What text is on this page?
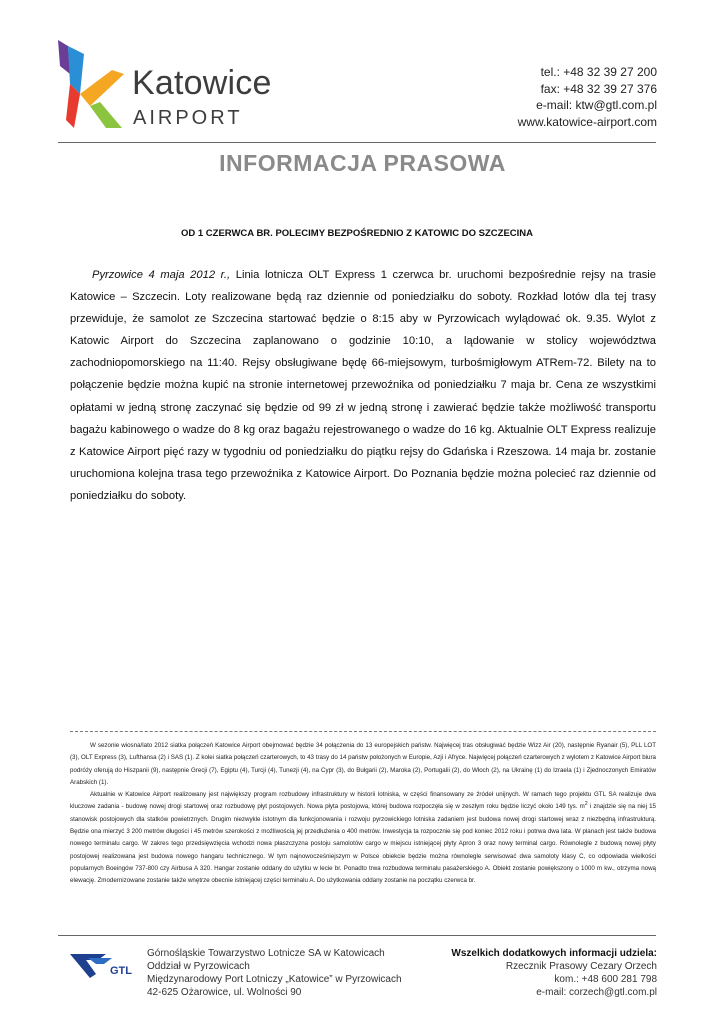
Katowice
AIRPORT
tel.: +48 32 39 27 200
fax: +48 32 39 27 376
e-mail: ktw@gtl.com.pl
www.katowice-airport.com
INFORMACJA PRASOWA
OD 1 CZERWCA BR. POLECIMY BEZPOŚREDNIO Z KATOWIC DO SZCZECINA

Pyrzowice 4 maja 2012 r., Linia lotnicza OLT Express 1 czerwca br. uruchomi bezpośrednie rejsy na trasie Katowice – Szczecin. Loty realizowane będą raz dziennie od poniedziałku do soboty. Rozkład lotów dla tej trasy przewiduje, że samolot ze Szczecina startować będzie o 8:15 aby w Pyrzowicach wylądować ok. 9.35. Wylot z Katowic Airport do Szczecina zaplanowano o godzinie 10:10, a lądowanie w stolicy województwa zachodniopomorskiego na 11:40. Rejsy obsługiwane będę 66-miejsowym, turbośmigłowym ATRem-72. Bilety na to połączenie będzie można kupić na stronie internetowej przewoźnika od poniedziałku 7 maja br. Cena ze wszystkimi opłatami w jedną stronę zaczynać się będzie od 99 zł w jedną stronę i zawierać będzie także możliwość transportu bagażu kabinowego o wadze do 8 kg oraz bagażu rejestrowanego o wadze do 16 kg. Aktualnie OLT Express realizuje z Katowice Airport pięć razy w tygodniu od poniedziałku do piątku rejsy do Gdańska i Rzeszowa. 14 maja br. zostanie uruchomiona kolejna trasa tego przewoźnika z Katowice Airport. Do Poznania będzie można polecieć raz dziennie od poniedziałku do soboty.

W sezonie wiosna/lato 2012 siatka połączeń Katowice Airport obejmować będzie 34 połączenia do 13 europejskich państw. Najwięcej tras obsługiwać będzie Wizz Air (20), następnie Ryanair (5), PLL LOT (3), OLT Express (3), Lufthansa (2) i SAS (1). Z kolei siatka połączeń czarterowych, to 43 trasy do 14 państw położonych w Europie, Azji i Afryce. Najwięcej połączeń czarterowych z wylotem z Katowice Airport biura podróży oferują do Hiszpanii (9), następnie Grecji (7), Egiptu (4), Turcji (4), Tunezji (4), na Cypr (3), do Bułgarii (2), Maroka (2), Portugalii (2), do Włoch (2), na Ukrainę (1) do Izraela (1) i Zjednoczonych Emiratów Arabskich (1).

Aktualnie w Katowice Airport realizowany jest największy program rozbudowy infrastruktury w historii lotniska, w części finansowany ze źródeł unijnych. W ramach tego projektu GTL SA realizuje dwa kluczowe zadania - budowę nowej drogi startowej oraz rozbudowę płyt postojowych. Nowa płyta postojowa, której budowa rozpoczęła się w zeszłym roku będzie liczyć około 149 tys. $m^2$ i znajdzie się na niej 15 stanowisk postojowych dla statków powietrznych. Drugim niezwykle istotnym dla funkcjonowania i rozwoju pyrzowickiego lotniska zadaniem jest budowa nowej drogi startowej wraz z niezbędną infrastrukturą. Będzie ona mierzyć 3 200 metrów długości i 45 metrów szerokości z możliwością jej przedłużenia o 400 metrów. Inwestycja ta rozpocznie się pod koniec 2012 roku i potrwa dwa lata. W planach jest także budowa nowego terminalu cargo. W zakres tego przedsięwzięcia wchodzi nowa płaszczyzna postoju samolotów cargo w miejscu istniejącej płyty Apron 3 oraz nowy terminal cargo. Równolegle z budową nowej płyty postojowej realizowana jest budowa nowego hangaru technicznego. W tym najnowocześniejszym w Polsce obiekcie będzie można równolegle serwisować dwa samoloty klasy C, co odpowiada wielkości popularnych Boeingów 737-800 czy Airbusa A 320. Hangar zostanie oddany do użytku w lecie br. Ponadto trwa rozbudowa terminalu pasażerskiego A. Obiekt zostanie powiększony o 1000 m kw., otrzyma nową elewację. Zmodernizowane zostanie także wnętrze obecnie istniejącej części terminalu A. Do użytkowania oddany zostanie na początku czerwca br.

GTL
Górnośląskie Towarzystwo Lotnicze SA w Katowicach
Oddział w Pyrzowicach
Międzynarodowy Port Lotniczy „Katowice” w Pyrzowicach
42-625 Ożarowice, ul. Wolności 90
Wszelkich dodatkowych informacji udziela:
Rzecznik Prasowy Cezary Orzech
kom.: +48 600 281 798
e-mail: corzech@gtl.com.pl
